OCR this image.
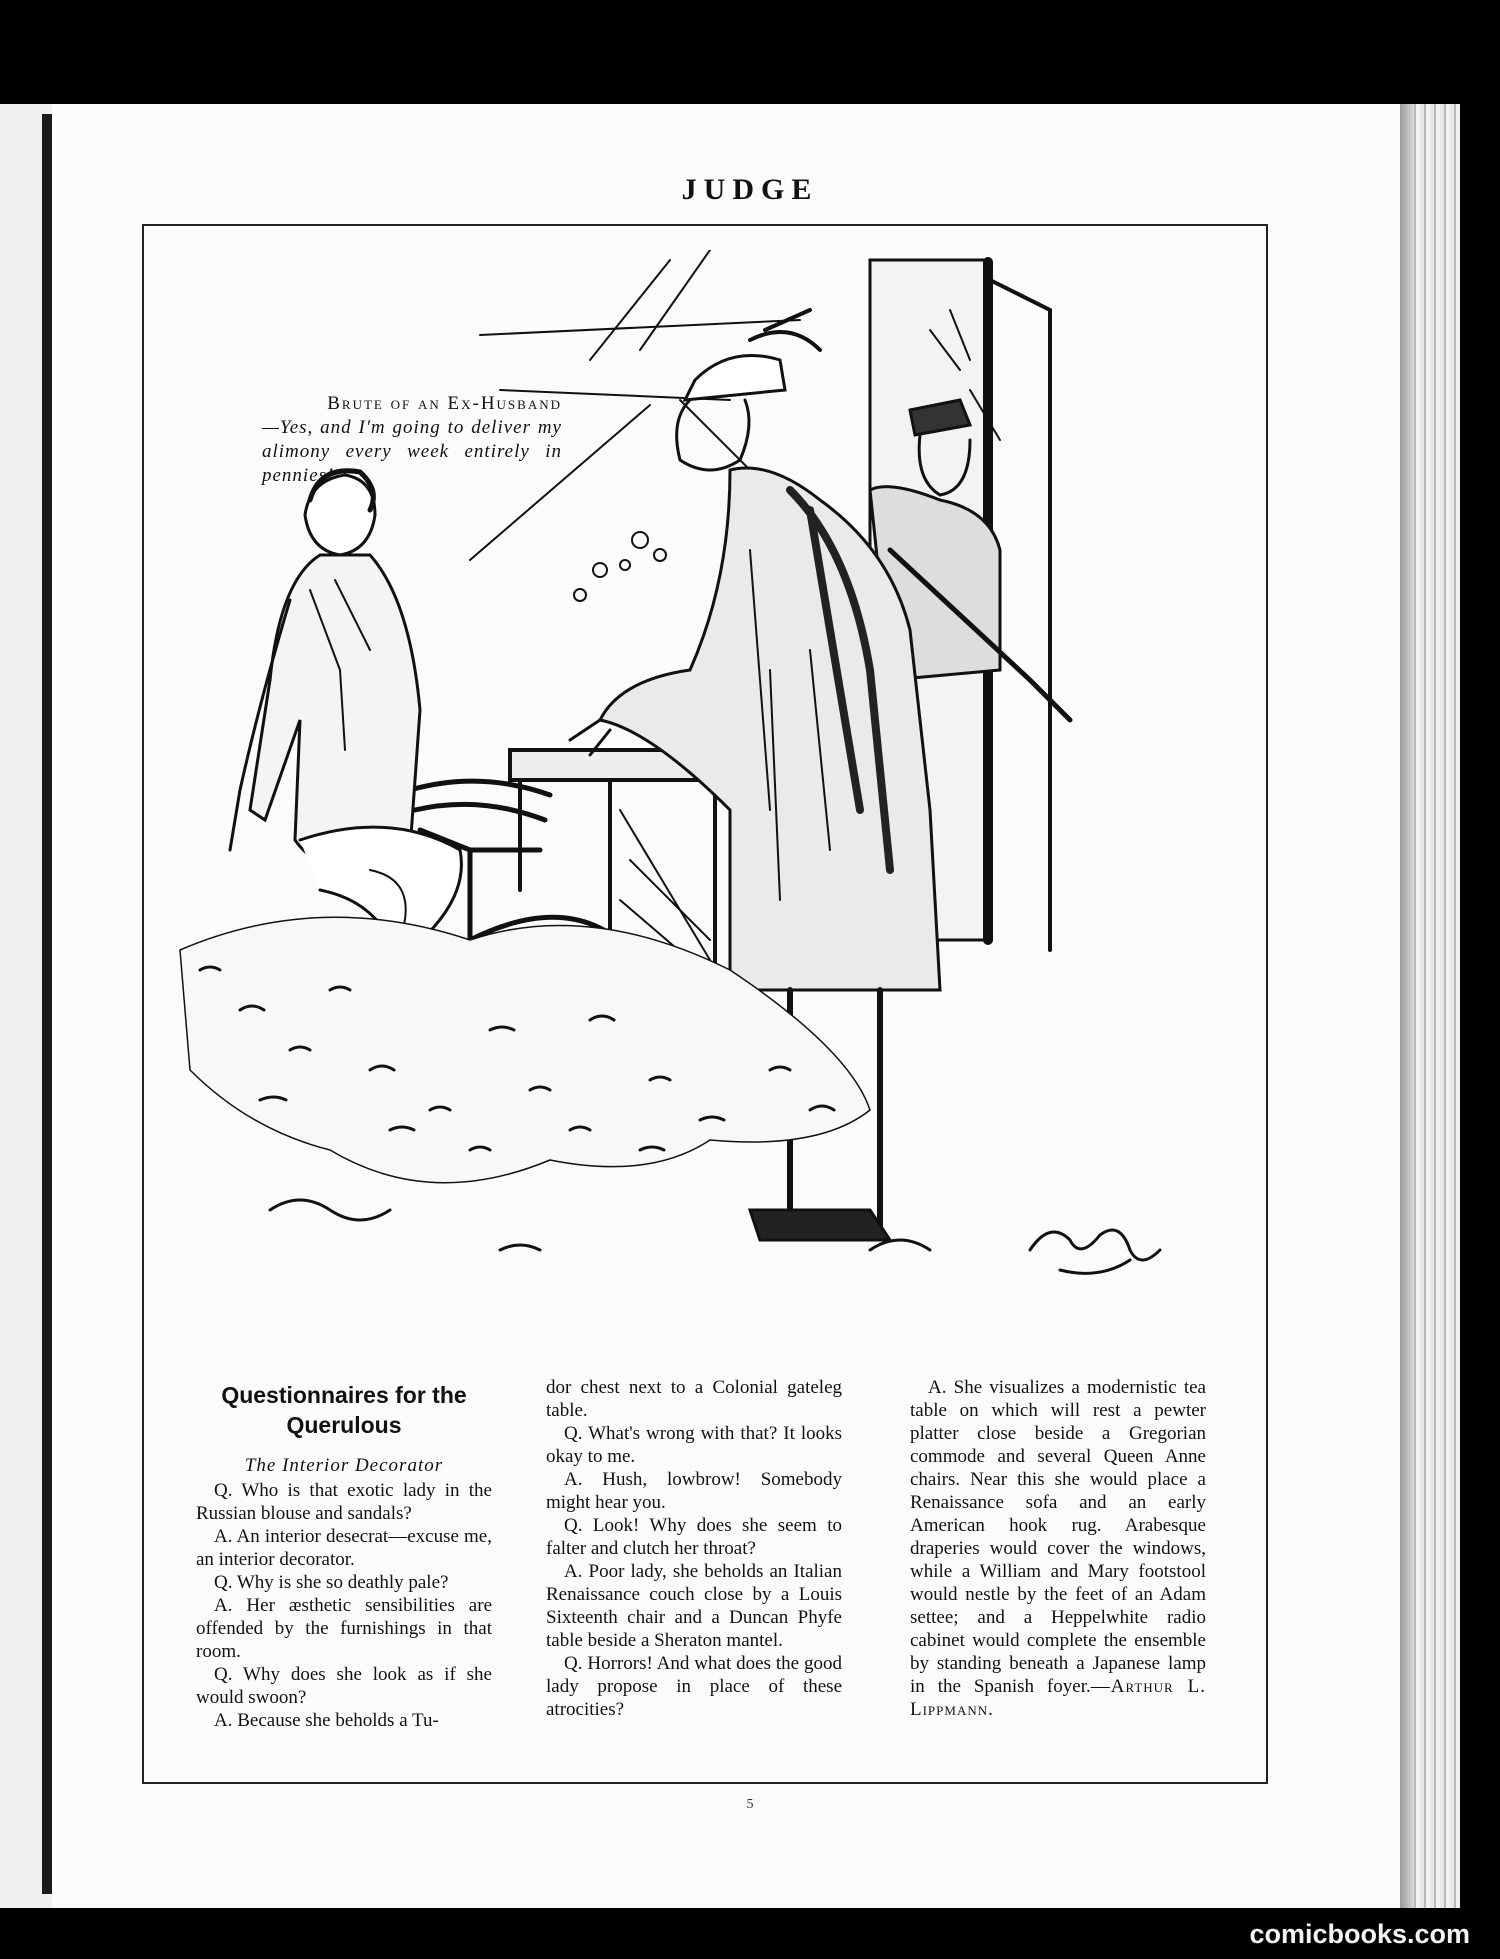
JUDGE
Brute of an Ex-Husband
—Yes, and I'm going to deliver my alimony every week entirely in pennies!
Questionnaires for the Querulous
The Interior Decorator

Q. Who is that exotic lady in the Russian blouse and sandals?

A. An interior desecrat—excuse me, an interior decorator.

Q. Why is she so deathly pale?

A. Her æsthetic sensibilities are offended by the furnishings in that room.

Q. Why does she look as if she would swoon?

A. Because she beholds a Tu-

dor chest next to a Colonial gateleg table.

Q. What's wrong with that? It looks okay to me.

A. Hush, lowbrow! Somebody might hear you.

Q. Look! Why does she seem to falter and clutch her throat?

A. Poor lady, she beholds an Italian Renaissance couch close by a Louis Sixteenth chair and a Duncan Phyfe table beside a Sheraton mantel.

Q. Horrors! And what does the good lady propose in place of these atrocities?

A. She visualizes a modernistic tea table on which will rest a pewter platter close beside a Gregorian commode and several Queen Anne chairs. Near this she would place a Renaissance sofa and an early American hook rug. Arabesque draperies would cover the windows, while a William and Mary footstool would nestle by the feet of an Adam settee; and a Heppelwhite radio cabinet would complete the ensemble by standing beneath a Japanese lamp in the Spanish foyer.—Arthur L. Lippmann.

5
comicbooks.com
